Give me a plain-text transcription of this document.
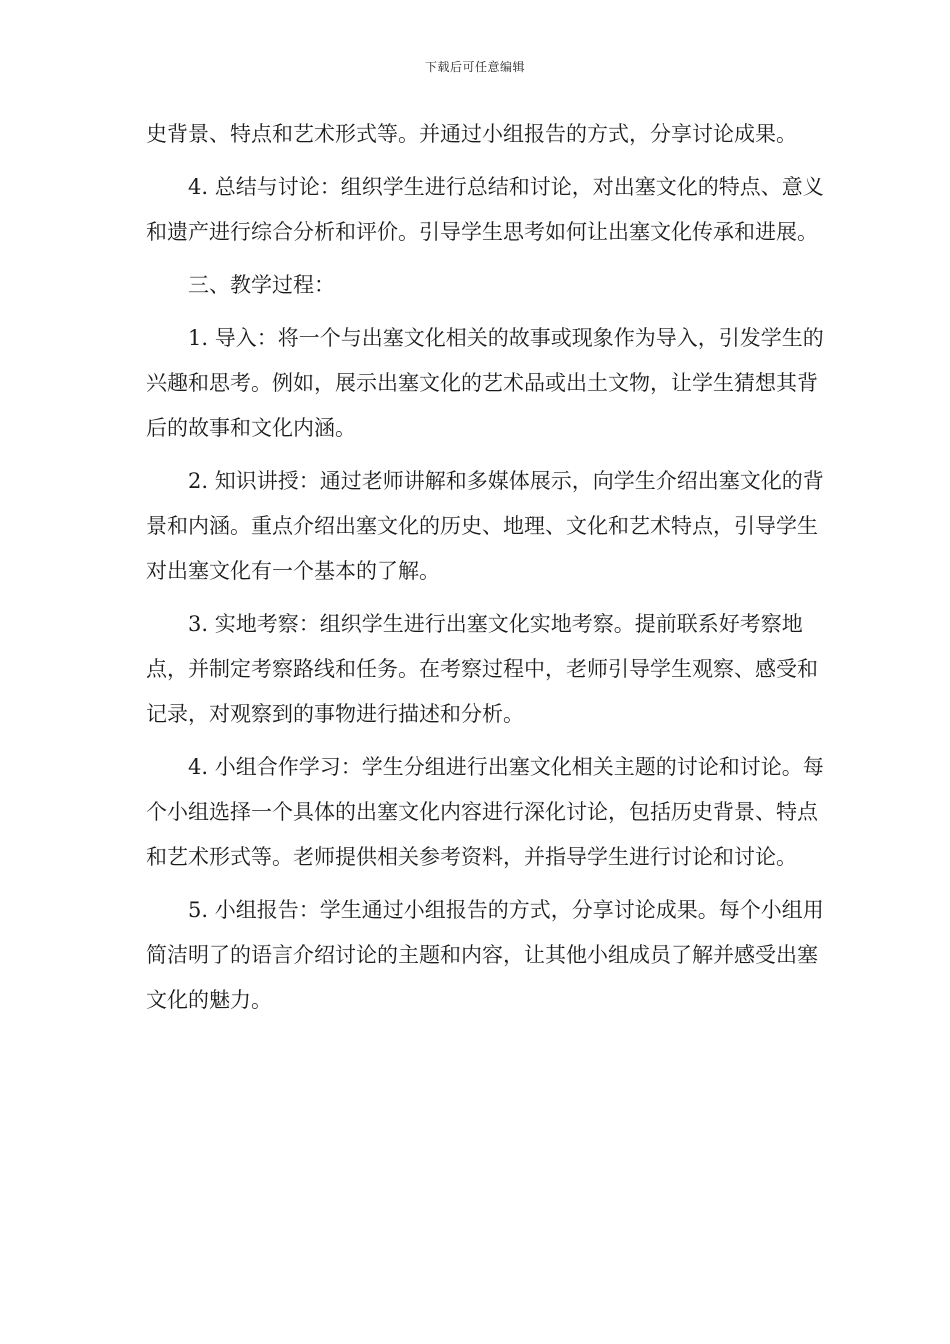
下载后可任意编辑

史背景、特点和艺术形式等。并通过小组报告的方式，分享讨论成果。

4. 总结与讨论：组织学生进行总结和讨论，对出塞文化的特点、意义和遗产进行综合分析和评价。引导学生思考如何让出塞文化传承和进展。

三、教学过程：

1. 导入：将一个与出塞文化相关的故事或现象作为导入，引发学生的兴趣和思考。例如，展示出塞文化的艺术品或出土文物，让学生猜想其背后的故事和文化内涵。

2. 知识讲授：通过老师讲解和多媒体展示，向学生介绍出塞文化的背景和内涵。重点介绍出塞文化的历史、地理、文化和艺术特点，引导学生对出塞文化有一个基本的了解。

3. 实地考察：组织学生进行出塞文化实地考察。提前联系好考察地点，并制定考察路线和任务。在考察过程中，老师引导学生观察、感受和记录，对观察到的事物进行描述和分析。

4. 小组合作学习：学生分组进行出塞文化相关主题的讨论和讨论。每个小组选择一个具体的出塞文化内容进行深化讨论，包括历史背景、特点和艺术形式等。老师提供相关参考资料，并指导学生进行讨论和讨论。

5. 小组报告：学生通过小组报告的方式，分享讨论成果。每个小组用简洁明了的语言介绍讨论的主题和内容，让其他小组成员了解并感受出塞文化的魅力。
